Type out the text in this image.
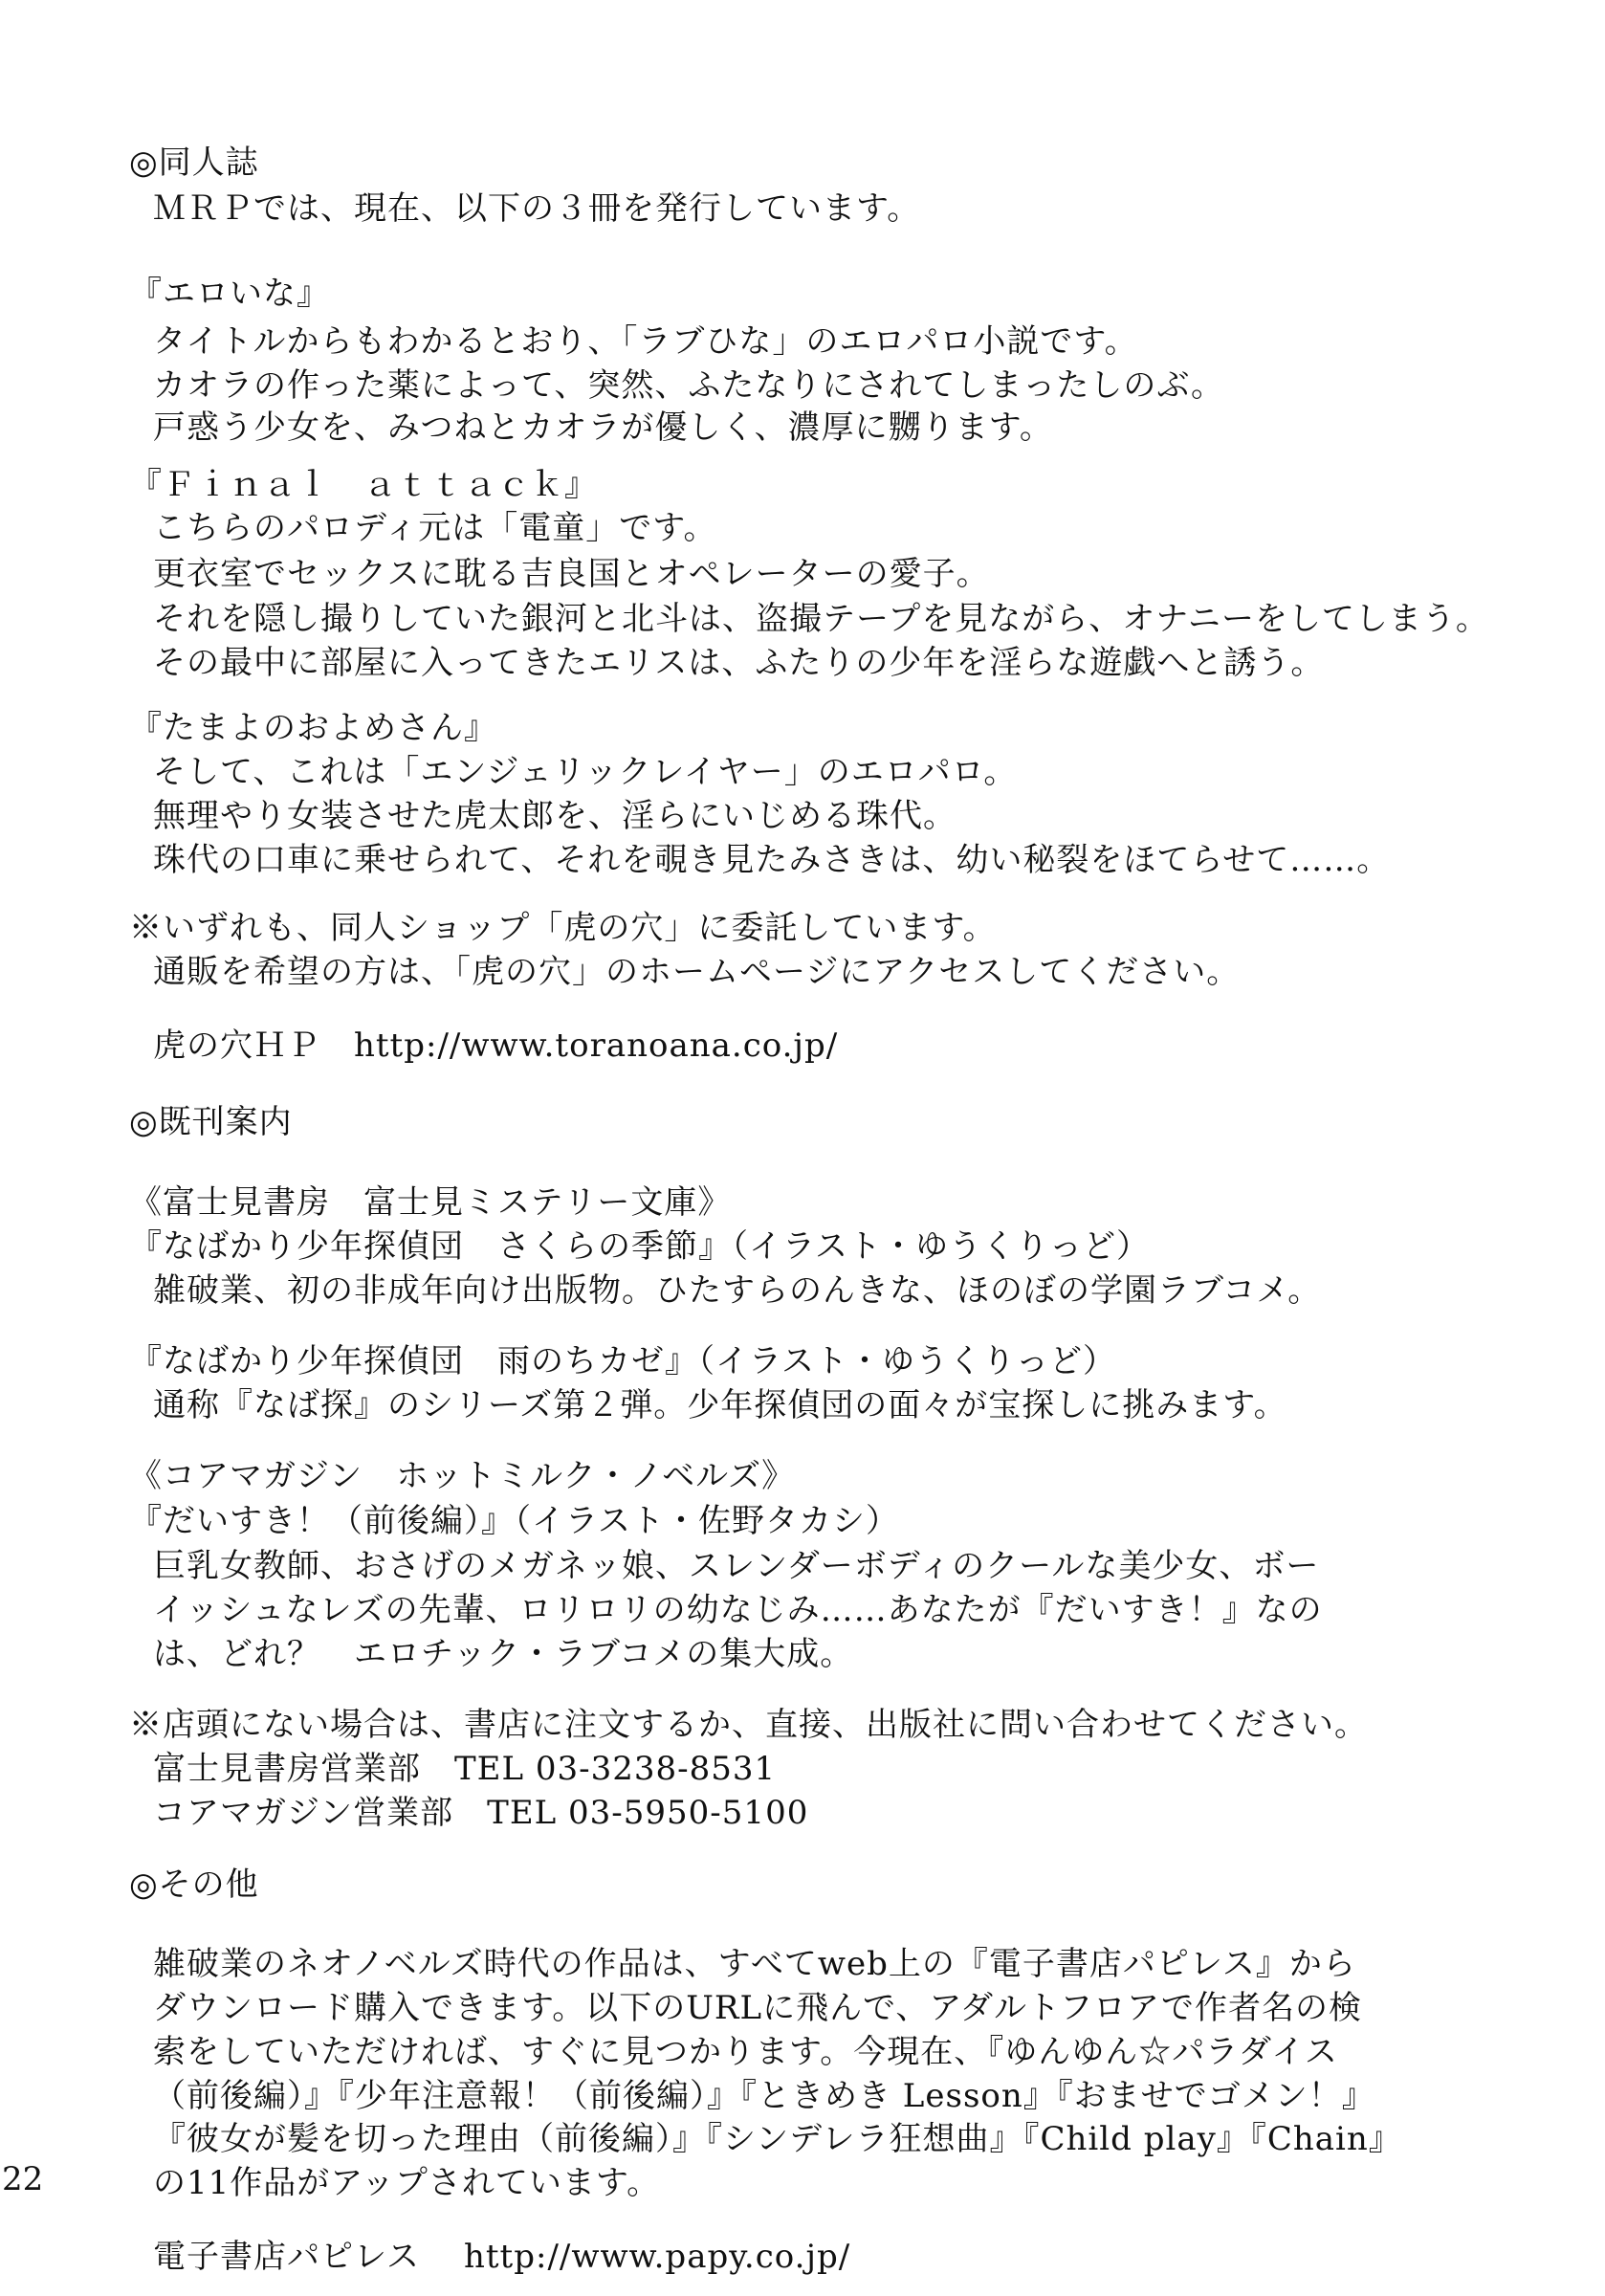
◎同人誌
ＭＲＰでは、現在、以下の３冊を発行しています。
『エロいな』
タイトルからもわかるとおり、「ラブひな」のエロパロ小説です。
カオラの作った薬によって、突然、ふたなりにされてしまったしのぶ。
戸惑う少女を、みつねとカオラが優しく、濃厚に嬲ります。
『Ｆｉｎａｌ　ａｔｔａｃｋ』
こちらのパロディ元は「電童」です。
更衣室でセックスに耽る吉良国とオペレーターの愛子。
それを隠し撮りしていた銀河と北斗は、盗撮テープを見ながら、オナニーをしてしまう。
その最中に部屋に入ってきたエリスは、ふたりの少年を淫らな遊戯へと誘う。
『たまよのおよめさん』
そして、これは「エンジェリックレイヤー」のエロパロ。
無理やり女装させた虎太郎を、淫らにいじめる珠代。
珠代の口車に乗せられて、それを覗き見たみさきは、幼い秘裂をほてらせて……。
※いずれも、同人ショップ「虎の穴」に委託しています。
通販を希望の方は、「虎の穴」のホームページにアクセスしてください。
虎の穴ＨＰ http://www.toranoana.co.jp/
◎既刊案内
《富士見書房　富士見ミステリー文庫》
『なばかり少年探偵団　さくらの季節』（イラスト・ゆうくりっど）
雑破業、初の非成年向け出版物。ひたすらのんきな、ほのぼの学園ラブコメ。
『なばかり少年探偵団　雨のちカゼ』（イラスト・ゆうくりっど）
通称『なば探』のシリーズ第２弾。少年探偵団の面々が宝探しに挑みます。
《コアマガジン　ホットミルク・ノベルズ》
『だいすき！（前後編）』（イラスト・佐野タカシ）
巨乳女教師、おさげのメガネッ娘、スレンダーボディのクールな美少女、ボー
イッシュなレズの先輩、ロリロリの幼なじみ……あなたが『だいすき！』なの
は、どれ？　エロチック・ラブコメの集大成。
※店頭にない場合は、書店に注文するか、直接、出版社に問い合わせてください。
富士見書房営業部　TEL 03-3238-8531
コアマガジン営業部　TEL 03-5950-5100
◎その他
雑破業のネオノベルズ時代の作品は、すべてweb上の『電子書店パピレス』から
ダウンロード購入できます。以下のURLに飛んで、アダルトフロアで作者名の検
索をしていただければ、すぐに見つかります。今現在、『ゆんゆん☆パラダイス
（前後編）』『少年注意報！（前後編）』『ときめき Lesson』『おませでゴメン！』
『彼女が髪を切った理由（前後編）』『シンデレラ狂想曲』『Child play』『Chain』
の11作品がアップされています。
電子書店パピレス http://www.papy.co.jp/
22
